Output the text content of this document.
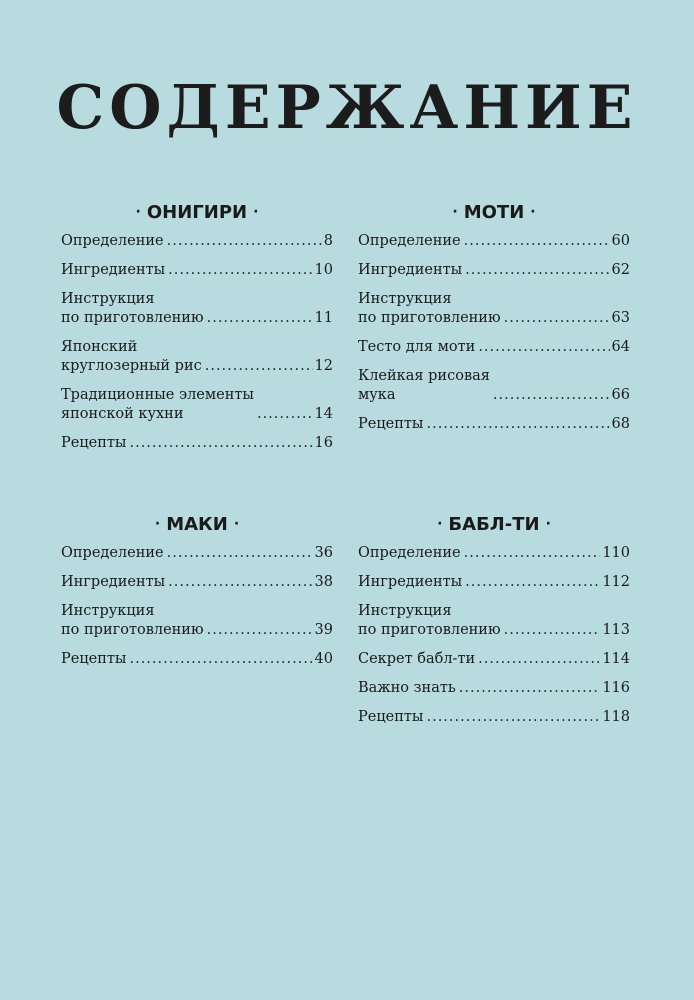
СОДЕРЖАНИЕ
· ОНИГИРИ ·
Определение .....	8
Ингредиенты .....	10
Инструкция
по приготовлению .....	11
Японский
круглозерный рис .....	12
Традиционные элементы
японской кухни .....	14
Рецепты .....	16
· МОТИ ·
Определение .....	60
Ингредиенты .....	62
Инструкция
по приготовлению .....	63
Тесто для моти .....	64
Клейкая рисовая
мука .....	66
Рецепты .....	68
· МАКИ ·
Определение .....	36
Ингредиенты .....	38
Инструкция
по приготовлению .....	39
Рецепты .....	40
· БАБЛ-ТИ ·
Определение .....	110
Ингредиенты .....	112
Инструкция
по приготовлению .....	113
Секрет бабл-ти .....	114
Важно знать .....	116
Рецепты .....	118
